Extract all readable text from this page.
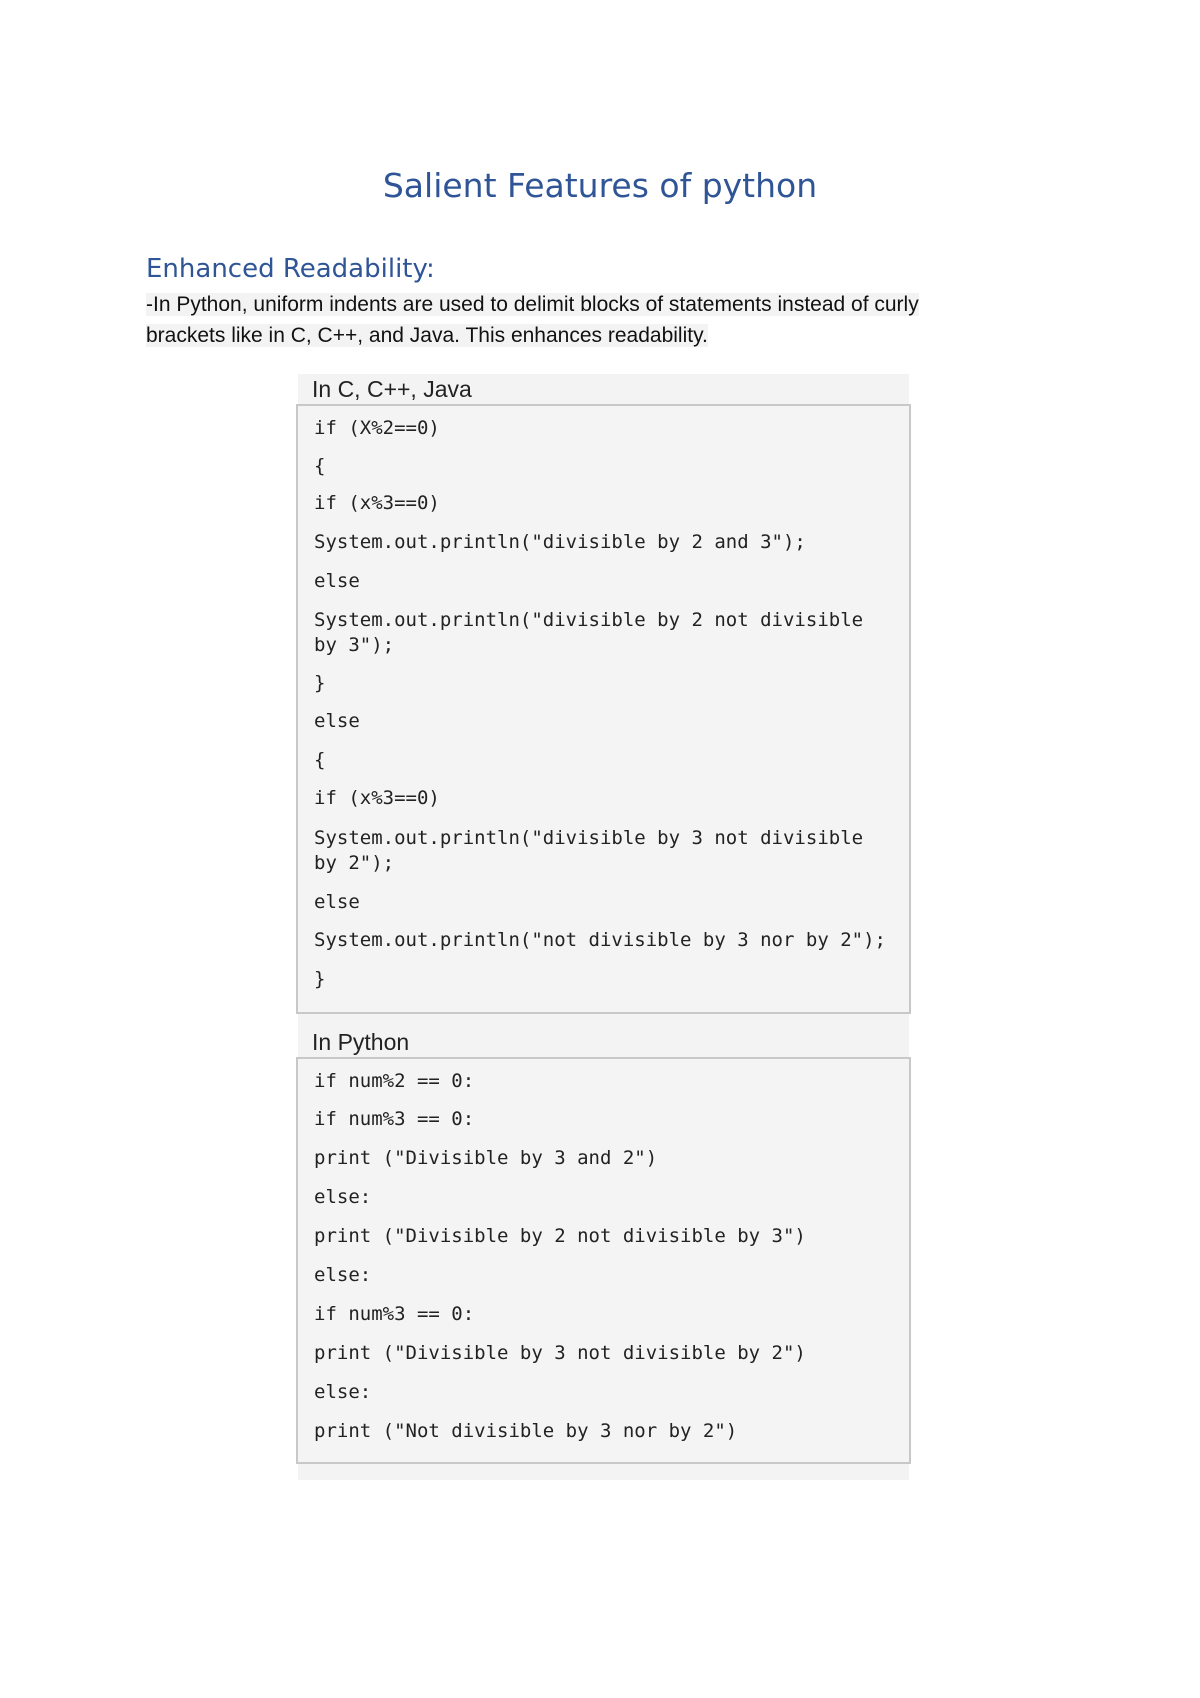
Salient Features of python
Enhanced Readability:

-In Python, uniform indents are used to delimit blocks of statements instead of curly brackets like in C, C++, and Java. This enhances readability.

In C, C++, Java
if (X%2==0)
{
if (x%3==0)
System.out.println("divisible by 2 and 3");
else
System.out.println("divisible by 2 not divisible by 3");
}
else
{
if (x%3==0)
System.out.println("divisible by 3 not divisible by 2");
else
System.out.println("not divisible by 3 nor by 2");
}
In Python
if num%2 == 0:
if num%3 == 0:
print ("Divisible by 3 and 2")
else:
print ("Divisible by 2 not divisible by 3")
else:
if num%3 == 0:
print ("Divisible by 3 not divisible by 2")
else:
print ("Not divisible by 3 nor by 2")
